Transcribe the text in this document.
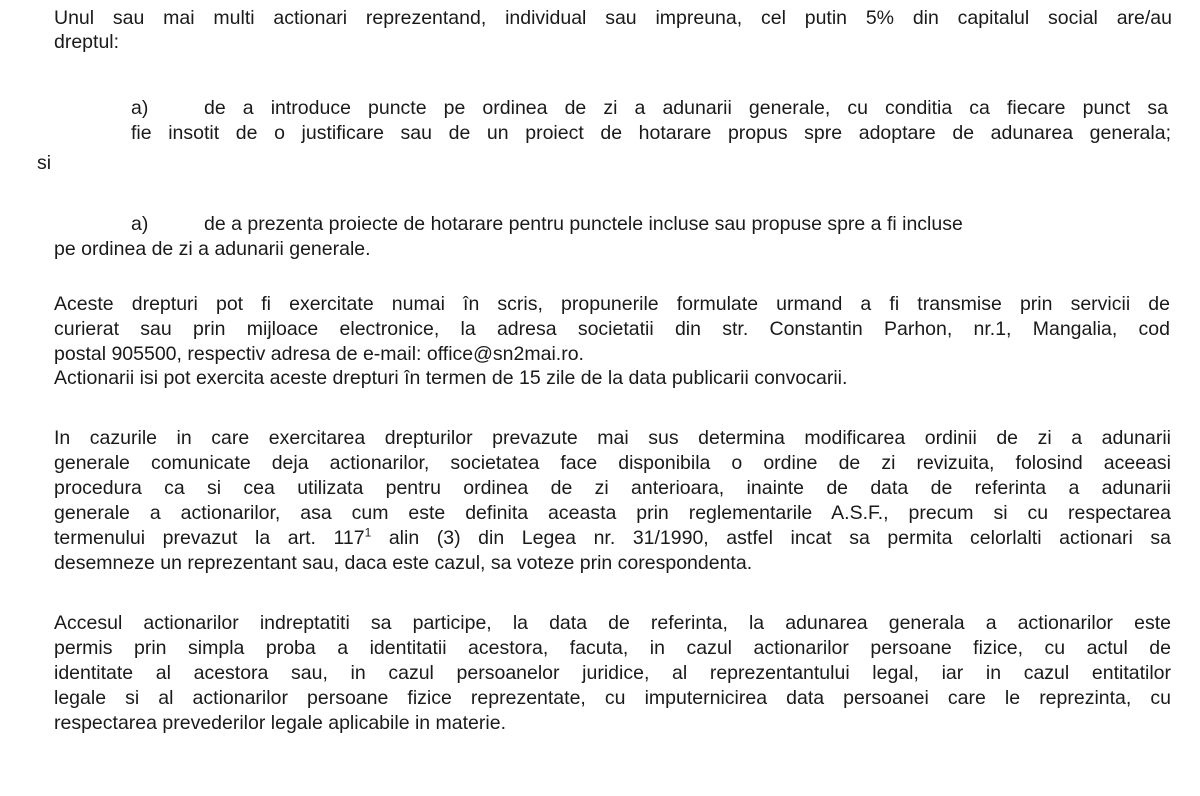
Unul sau mai multi actionari reprezentand, individual sau impreuna, cel putin 5% din capitalul social are/au
dreptul:
a)	de a introduce puncte pe ordinea de zi a adunarii generale, cu conditia ca fiecare punct sa
fie insotit de o justificare sau de un proiect de hotarare propus spre adoptare de adunarea generala;
si
a)	de a prezenta proiecte de hotarare pentru punctele incluse sau propuse spre a fi incluse
pe ordinea de zi a adunarii generale.
Aceste drepturi pot fi exercitate numai în scris, propunerile formulate urmand a fi transmise prin servicii de
curierat sau prin mijloace electronice, la adresa societatii din str. Constantin Parhon, nr.1, Mangalia, cod
postal 905500, respectiv adresa de e-mail: office@sn2mai.ro.
Actionarii isi pot exercita aceste drepturi în termen de 15 zile de la data publicarii convocarii.
In cazurile in care exercitarea drepturilor prevazute mai sus determina modificarea ordinii de zi a adunarii
generale comunicate deja actionarilor, societatea face disponibila o ordine de zi revizuita, folosind aceeasi
procedura ca si cea utilizata pentru ordinea de zi anterioara, inainte de data de referinta a adunarii
generale a actionarilor, asa cum este definita aceasta prin reglementarile A.S.F., precum si cu respectarea
termenului prevazut la art. $117^1$ alin (3) din Legea nr. 31/1990, astfel incat sa permita celorlalti actionari sa
desemneze un reprezentant sau, daca este cazul, sa voteze prin corespondenta.
Accesul actionarilor indreptatiti sa participe, la data de referinta, la adunarea generala a actionarilor este
permis prin simpla proba a identitatii acestora, facuta, in cazul actionarilor persoane fizice, cu actul de
identitate al acestora sau, in cazul persoanelor juridice, al reprezentantului legal, iar in cazul entitatilor
legale si al actionarilor persoane fizice reprezentate, cu imputernicirea data persoanei care le reprezinta, cu
respectarea prevederilor legale aplicabile in materie.
